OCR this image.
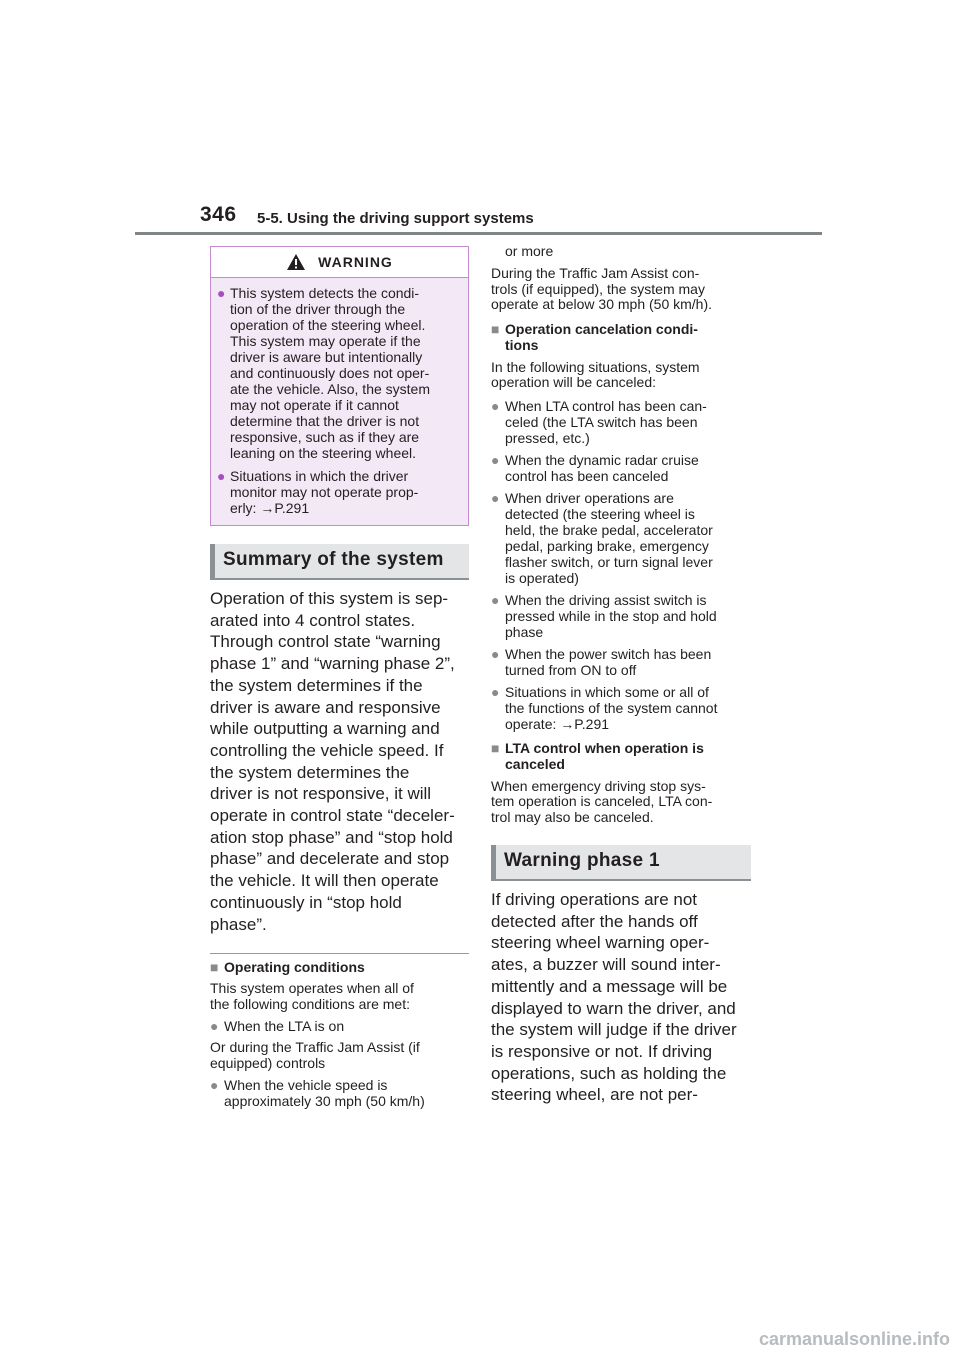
346 5-5. Using the driving support systems
WARNING
● This system detects the condi-
tion of the driver through the
operation of the steering wheel.
This system may operate if the
driver is aware but intentionally
and continuously does not oper-
ate the vehicle. Also, the system
may not operate if it cannot
determine that the driver is not
responsive, such as if they are
leaning on the steering wheel.
● Situations in which the driver
monitor may not operate prop-
erly: →P.291
Summary of the system
Operation of this system is sep-
arated into 4 control states.
Through control state “warning
phase 1” and “warning phase 2”,
the system determines if the
driver is aware and responsive
while outputting a warning and
controlling the vehicle speed. If
the system determines the
driver is not responsive, it will
operate in control state “deceler-
ation stop phase” and “stop hold
phase” and decelerate and stop
the vehicle. It will then operate
continuously in “stop hold
phase”.
■ Operating conditions
This system operates when all of
the following conditions are met:
● When the LTA is on
Or during the Traffic Jam Assist (if
equipped) controls
● When the vehicle speed is
approximately 30 mph (50 km/h)
or more
During the Traffic Jam Assist con-
trols (if equipped), the system may
operate at below 30 mph (50 km/h).
■ Operation cancelation condi-
tions
In the following situations, system
operation will be canceled:
● When LTA control has been can-
celed (the LTA switch has been
pressed, etc.)
● When the dynamic radar cruise
control has been canceled
● When driver operations are
detected (the steering wheel is
held, the brake pedal, accelerator
pedal, parking brake, emergency
flasher switch, or turn signal lever
is operated)
● When the driving assist switch is
pressed while in the stop and hold
phase
● When the power switch has been
turned from ON to off
● Situations in which some or all of
the functions of the system cannot
operate: →P.291
■ LTA control when operation is
canceled
When emergency driving stop sys-
tem operation is canceled, LTA con-
trol may also be canceled.
Warning phase 1
If driving operations are not
detected after the hands off
steering wheel warning oper-
ates, a buzzer will sound inter-
mittently and a message will be
displayed to warn the driver, and
the system will judge if the driver
is responsive or not. If driving
operations, such as holding the
steering wheel, are not per-
carmanualsonline.info
